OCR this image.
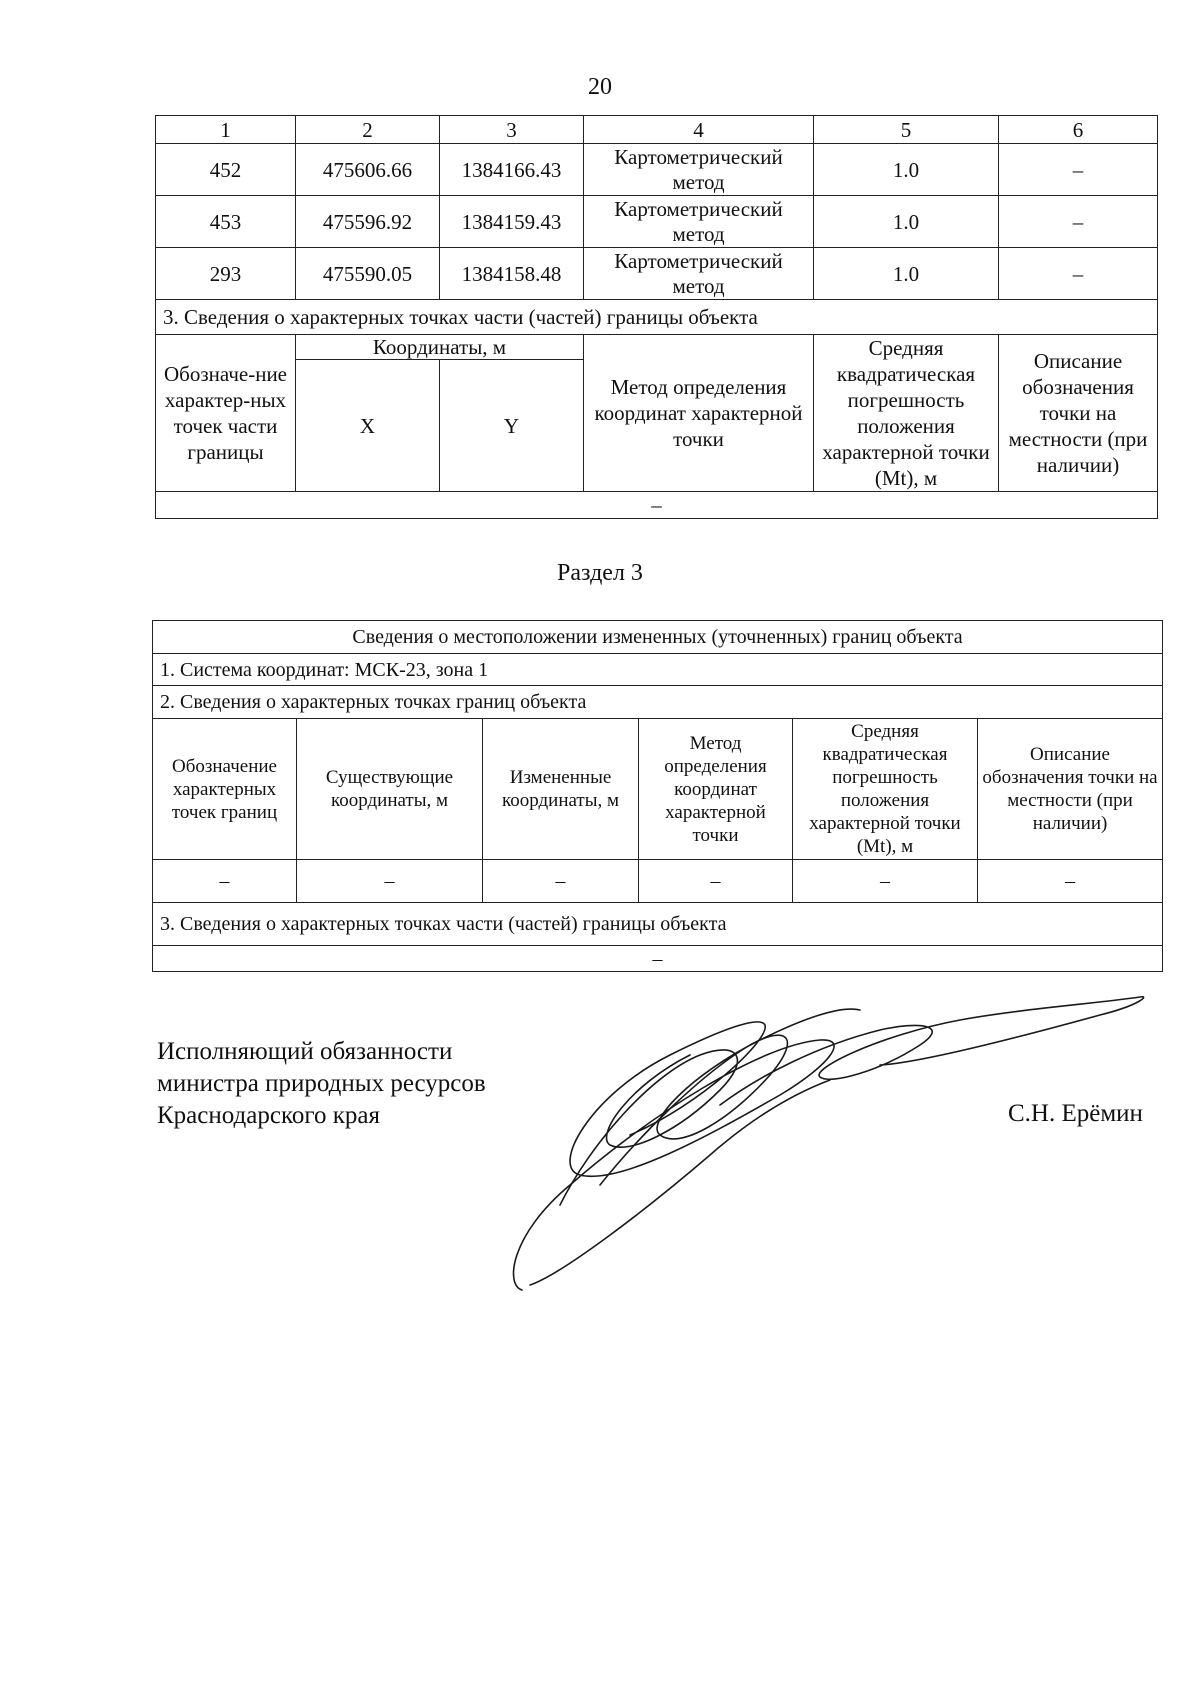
20
1	2	3	4	5	6
452	475606.66	1384166.43	Картометрический метод	1.0	–
453	475596.92	1384159.43	Картометрический метод	1.0	–
293	475590.05	1384158.48	Картометрический метод	1.0	–
3. Сведения о характерных точках части (частей) границы объекта					
Обозначе-ние характер-ных точек части границы	Координаты, м		Метод определения координат характерной точки	Средняя квадратическая погрешность положения характерной точки (Mt), м	Описание обозначения точки на местности (при наличии)
	X	Y			
–					
Раздел 3
Сведения о местоположении измененных (уточненных) границ объекта					
1. Система координат: МСК-23, зона 1					
2. Сведения о характерных точках границ объекта					
Обозначение характерных точек границ	Существующие координаты, м	Измененные координаты, м	Метод определения координат характерной точки	Средняя квадратическая погрешность положения характерной точки (Mt), м	Описание обозначения точки на местности (при наличии)
–	–	–	–	–	–
3. Сведения о характерных точках части (частей) границы объекта					
–					
Исполняющий обязанности
министра природных ресурсов
Краснодарского края	С.Н. Ерёмин
